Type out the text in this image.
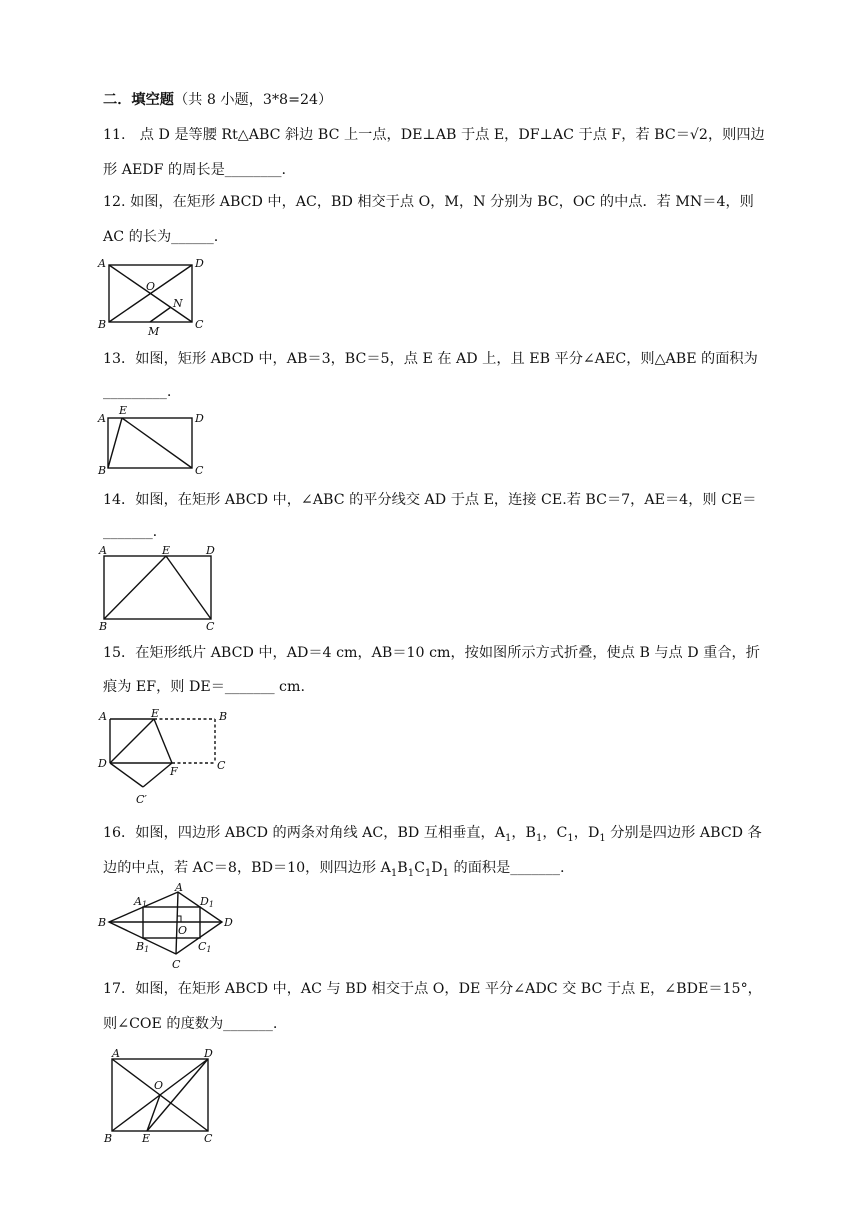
二．填空题（共 8 小题，3*8=24）
11.　点 D 是等腰 Rt△ABC 斜边 BC 上一点，DE⊥AB 于点 E，DF⊥AC 于点 F，若 BC＝√2，则四边
形 AEDF 的周长是________.
12. 如图，在矩形 ABCD 中，AC，BD 相交于点 O，M，N 分别为 BC，OC 的中点．若 MN＝4，则
AC 的长为______.
A	D
O
N
B
M
C
13．如图，矩形 ABCD 中，AB＝3，BC＝5，点 E 在 AD 上，且 EB 平分∠AEC，则△ABE 的面积为
_________.
A
E
D
B	C
14．如图，在矩形 ABCD 中，∠ABC 的平分线交 AD 于点 E，连接 CE.若 BC＝7，AE＝4，则 CE＝
_______.
A	E	D
B	C
15．在矩形纸片 ABCD 中，AD＝4 cm，AB＝10 cm，按如图所示方式折叠，使点 B 与点 D 重合，折
痕为 EF，则 DE＝_______ cm.
A	E	B
D
F	C
C′
16．如图，四边形 ABCD 的两条对角线 AC，BD 互相垂直，$A_1$，$B_1$，$C_1$，$D_1$ 分别是四边形 ABCD 各
边的中点，若 AC＝8，BD＝10，则四边形 $A_1B_1C_1D_1$ 的面积是_______.
A
A1	D1
B
O
D
B1	C1
C
17．如图，在矩形 ABCD 中，AC 与 BD 相交于点 O，DE 平分∠ADC 交 BC 于点 E，∠BDE＝15°，
则∠COE 的度数为_______.
A	D
O
B	E	C
